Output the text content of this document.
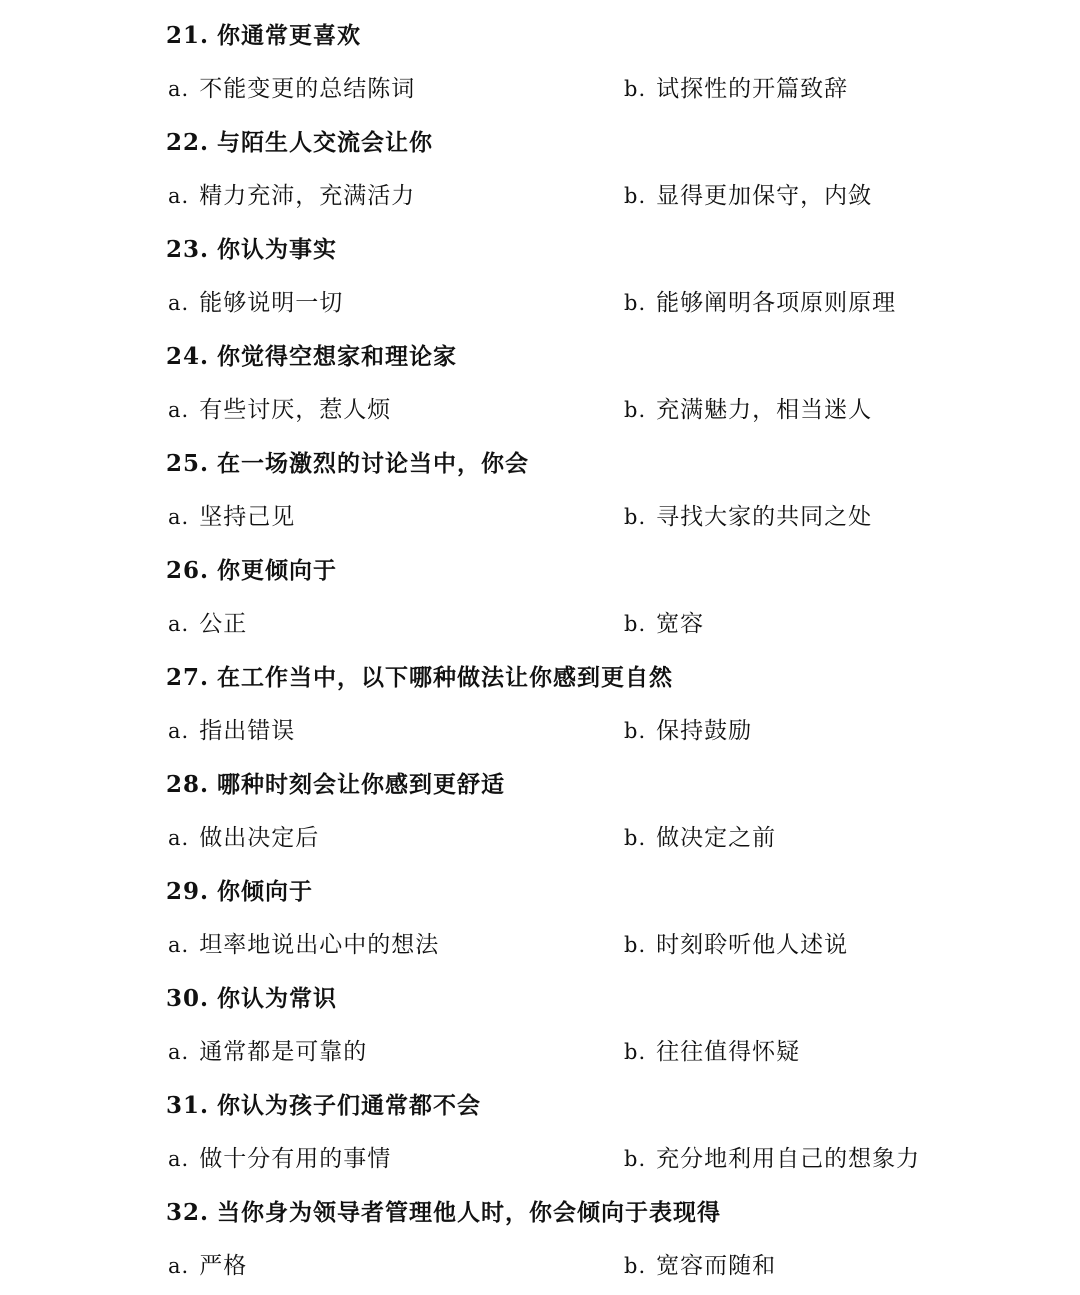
21. 你通常更喜欢
a. 不能变更的总结陈词	b. 试探性的开篇致辞
22. 与陌生人交流会让你
a. 精力充沛，充满活力	b. 显得更加保守，内敛
23. 你认为事实
a. 能够说明一切	b. 能够阐明各项原则原理
24. 你觉得空想家和理论家
a. 有些讨厌，惹人烦	b. 充满魅力，相当迷人
25. 在一场激烈的讨论当中，你会
a. 坚持己见	b. 寻找大家的共同之处
26. 你更倾向于
a. 公正	b. 宽容
27. 在工作当中，以下哪种做法让你感到更自然
a. 指出错误	b. 保持鼓励
28. 哪种时刻会让你感到更舒适
a. 做出决定后	b. 做决定之前
29. 你倾向于
a. 坦率地说出心中的想法	b. 时刻聆听他人述说
30. 你认为常识
a. 通常都是可靠的	b. 往往值得怀疑
31. 你认为孩子们通常都不会
a. 做十分有用的事情	b. 充分地利用自己的想象力
32. 当你身为领导者管理他人时，你会倾向于表现得
a. 严格	b. 宽容而随和
